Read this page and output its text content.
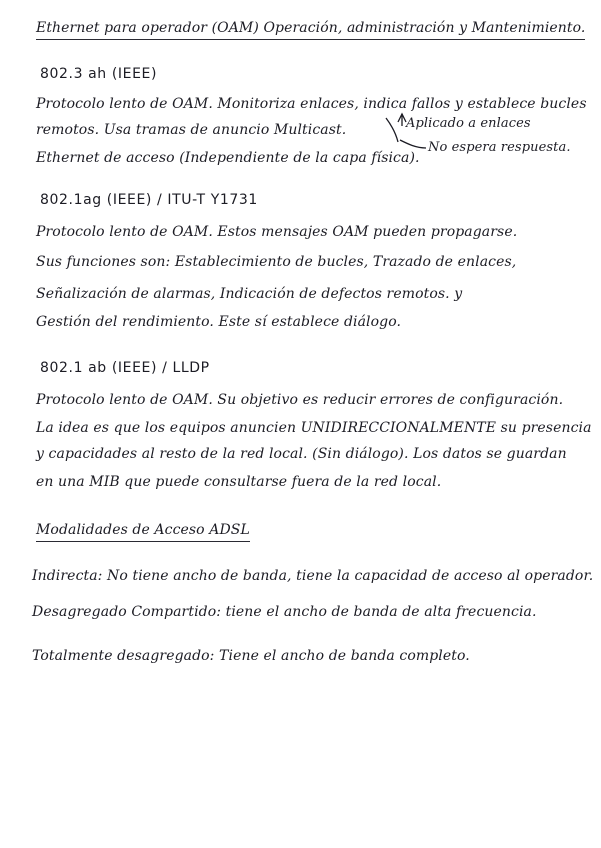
Ethernet para operador (OAM) Operación, administración y Mantenimiento.
802.3 ah (IEEE)
Protocolo lento de OAM. Monitoriza enlaces, indica fallos y establece bucles
remotos. Usa tramas de anuncio Multicast.
Ethernet de acceso (Independiente de la capa física).
Aplicado a enlaces
No espera respuesta.
802.1ag (IEEE) / ITU-T Y1731
Protocolo lento de OAM. Estos mensajes OAM pueden propagarse.
Sus funciones son: Establecimiento de bucles, Trazado de enlaces,
Señalización de alarmas, Indicación de defectos remotos. y
Gestión del rendimiento. Este sí establece diálogo.
802.1 ab (IEEE) / LLDP
Protocolo lento de OAM. Su objetivo es reducir errores de configuración.
La idea es que los equipos anuncien UNIDIRECCIONALMENTE su presencia
y capacidades al resto de la red local. (Sin diálogo). Los datos se guardan
en una MIB que puede consultarse fuera de la red local.
Modalidades de Acceso ADSL
Indirecta: No tiene ancho de banda, tiene la capacidad de acceso al operador.
Desagregado Compartido: tiene el ancho de banda de alta frecuencia.
Totalmente desagregado: Tiene el ancho de banda completo.
